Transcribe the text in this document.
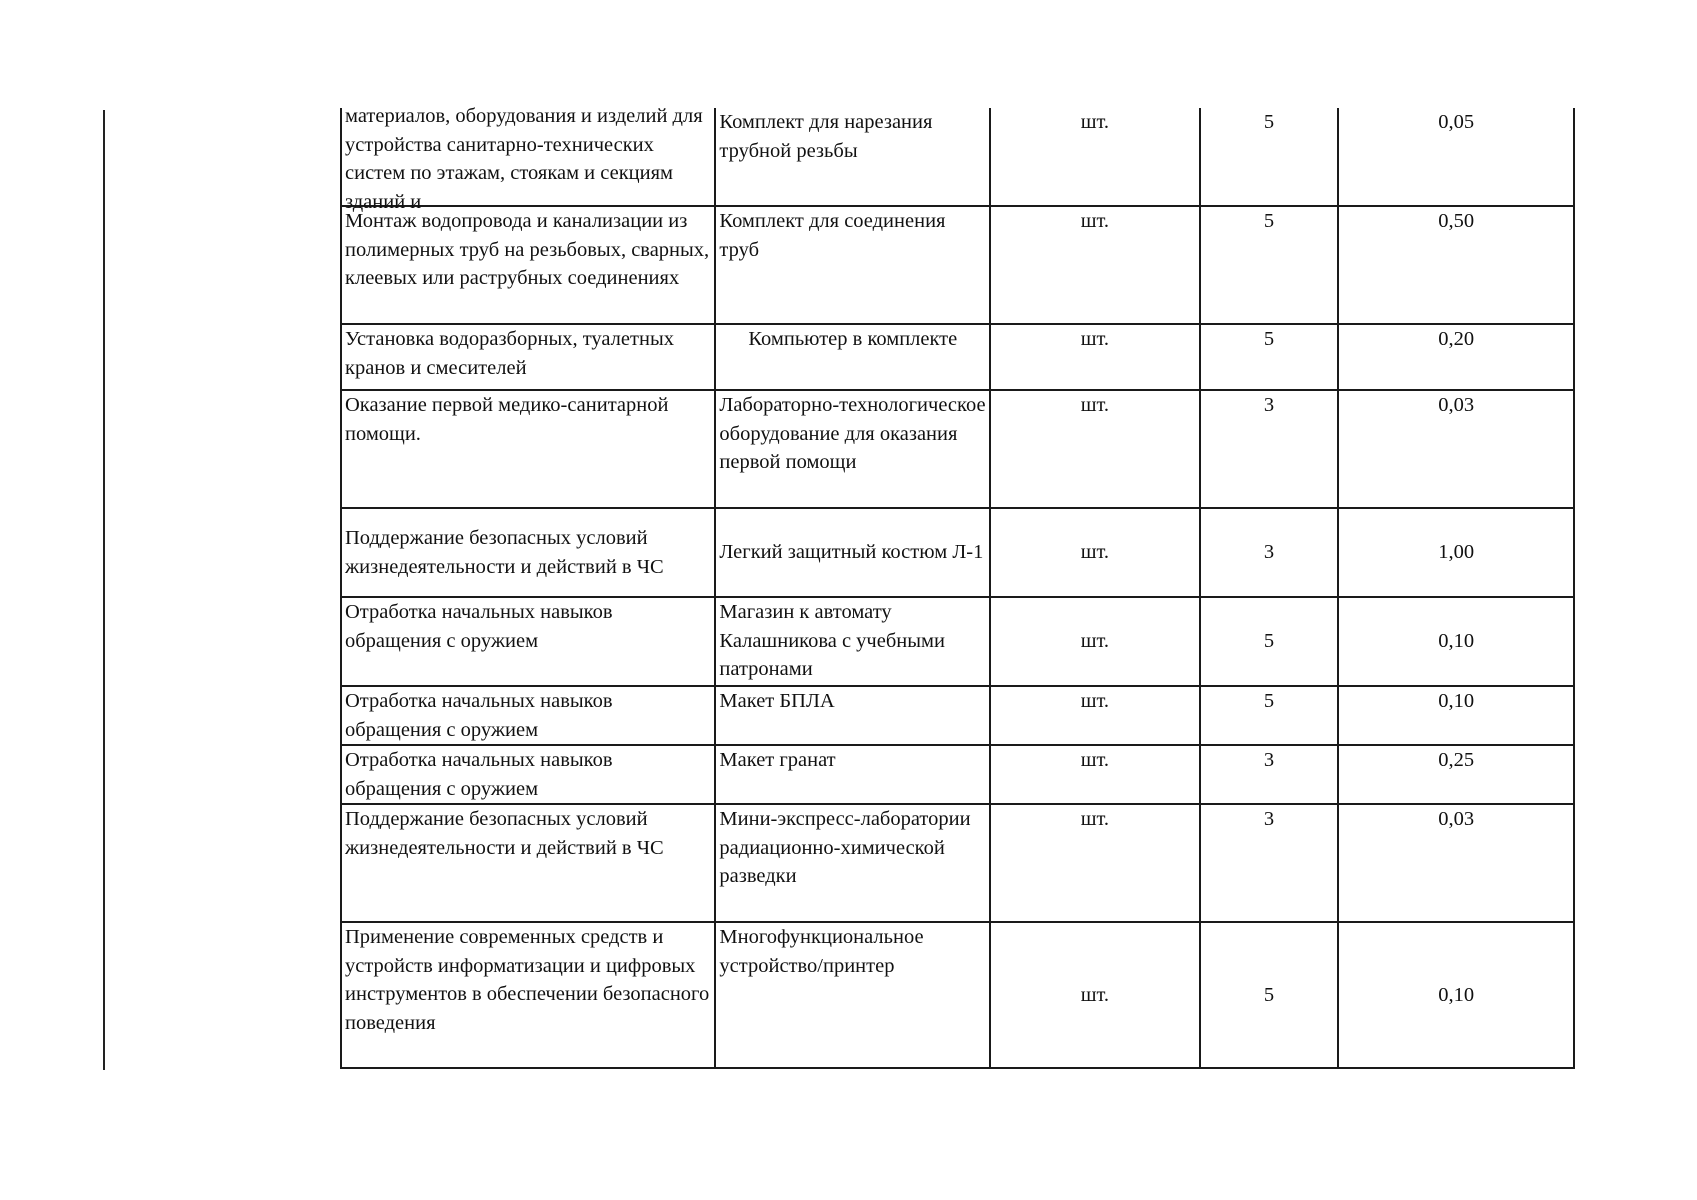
материалов, оборудования и изделий для устройства санитарно-технических систем по этажам, стоякам и секциям зданий и	Комплект для нарезания трубной резьбы	шт.	5	0,05
Монтаж водопровода и канализации из полимерных труб на резьбовых, сварных, клеевых или раструбных соединениях	Комплект для соединения труб	шт.	5	0,50
Установка водоразборных, туалетных кранов и смесителей	Компьютер в комплекте	шт.	5	0,20
Оказание первой медико-санитарной помощи.	Лабораторно-технологическое оборудование для оказания первой помощи	шт.	3	0,03
Поддержание безопасных условий жизнедеятельности и действий в ЧС	Легкий защитный костюм Л-1	шт.	3	1,00
Отработка начальных навыков обращения с оружием	Магазин к автомату Калашникова с учебными патронами	шт.	5	0,10
Отработка начальных навыков обращения с оружием	Макет БПЛА	шт.	5	0,10
Отработка начальных навыков обращения с оружием	Макет гранат	шт.	3	0,25
Поддержание безопасных условий жизнедеятельности и действий в ЧС	Мини-экспресс-лаборатории радиационно-химической разведки	шт.	3	0,03
Применение современных средств и устройств информатизации и цифровых инструментов в обеспечении безопасного поведения	Многофункциональное устройство/принтер	шт.	5	0,10
